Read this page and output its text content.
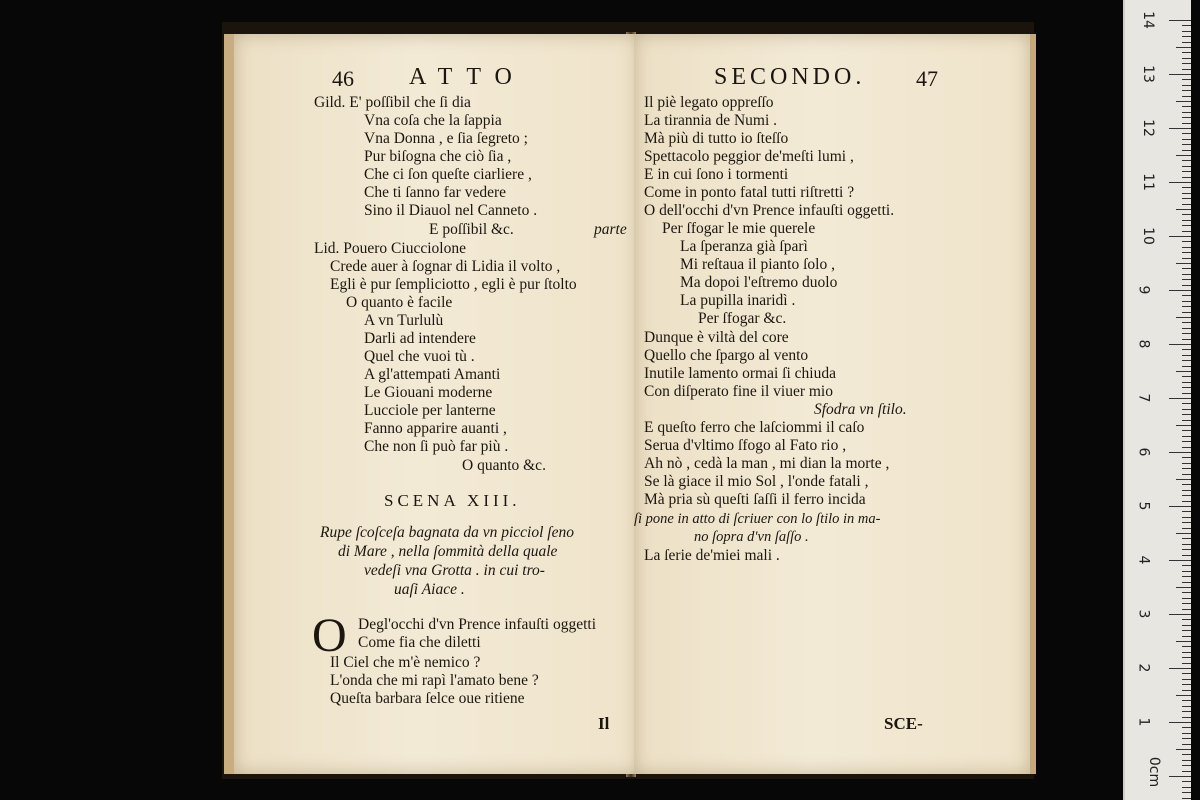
46 ATTO
Gild. E' poſſibil che ſi dia
Vna coſa che la ſappia
Vna Donna , e ſia ſegreto ;
Pur biſogna che ciò ſia ,
Che ci ſon queſte ciarliere ,
Che ti ſanno far vedere
Sino il Diauol nel Canneto .
E poſſibil &c.	parte
Lid. Pouero Ciucciolone
Crede auer à ſognar di Lidia il volto ,
Egli è pur ſempliciotto , egli è pur ſtolto
O quanto è facile
A vn Turlulù
Darli ad intendere
Quel che vuoi tù .
A gl'attempati Amanti
Le Giouani moderne
Lucciole per lanterne
Fanno apparire auanti ,
Che non ſi può far più .
O quanto &c.
SCENA XIII.
Rupe ſcoſceſa bagnata da vn picciol ſeno
di Mare , nella ſommità della quale
vedeſi vna Grotta . in cui tro-
uaſi Aiace .
O Degl'occhi d'vn Prence infauſti oggetti
Come fia che diletti
Il Ciel che m'è nemico ?
L'onda che mi rapì l'amato bene ?
Queſta barbara ſelce oue ritiene
Il
SECONDO. 47
Il piè legato oppreſſo
La tirannia de Numi .
Mà più di tutto io ſteſſo
Spettacolo peggior de'meſti lumi ,
E in cui ſono i tormenti
Come in ponto fatal tutti riſtretti ?
O dell'occhi d'vn Prence infauſti oggetti.
Per ſfogar le mie querele
La ſperanza già ſparì
Mi reſtaua il pianto ſolo ,
Ma dopoi l'eſtremo duolo
La pupilla inaridì .
Per ſfogar &c.
Dunque è viltà del core
Quello che ſpargo al vento
Inutile lamento ormai ſi chiuda
Con diſperato fine il viuer mio
Sfodra vn ſtilo.
E queſto ferro che laſciommi il caſo
Serua d'vltimo ſfogo al Fato rio ,
Ah nò , cedà la man , mi dian la morte ,
Se là giace il mio Sol , l'onde fatali ,
Mà pria sù queſti ſaſſi il ferro incida
ſi pone in atto di ſcriuer con lo ſtilo in ma-
no ſopra d'vn ſaſſo .
La ſerie de'miei mali .
SCE-
14
13
12
11
10
9
8
7
6
5
4
3
2
1
0cm
